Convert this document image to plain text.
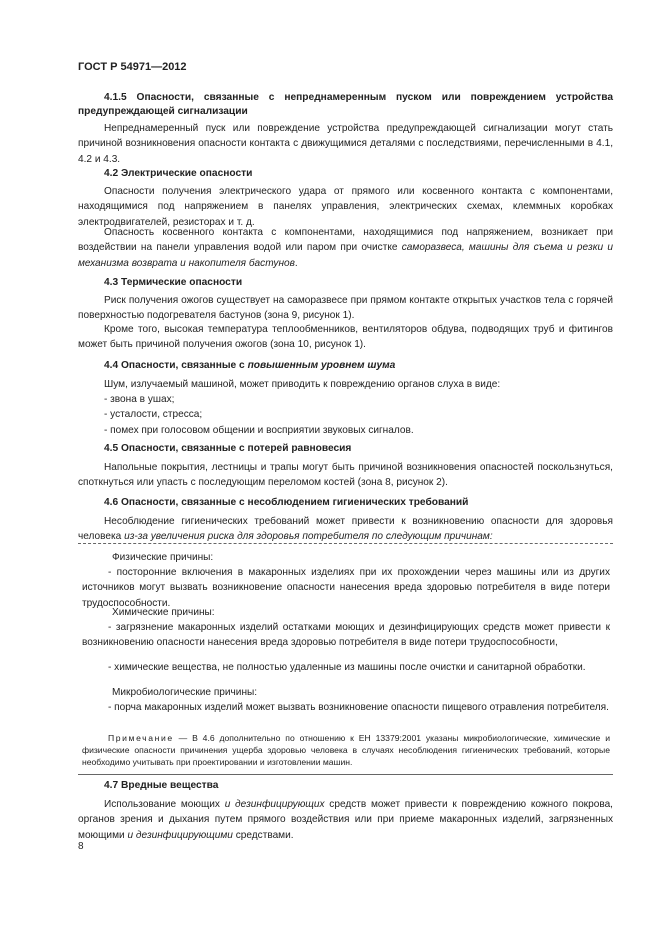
ГОСТ Р 54971—2012
4.1.5 Опасности, связанные с непреднамеренным пуском или повреждением устройства
предупреждающей сигнализации
Непреднамеренный пуск или повреждение устройства предупреждающей сигнализации могут стать причиной возникновения опасности контакта с движущимися деталями с последствиями, перечисленными в 4.1, 4.2 и 4.3.
4.2 Электрические опасности
Опасности получения электрического удара от прямого или косвенного контакта с компонентами, находящимися под напряжением в панелях управления, электрических схемах, клеммных коробках электродвигателей, резисторах и т. д.
Опасность косвенного контакта с компонентами, находящимися под напряжением, возникает при воздействии на панели управления водой или паром при очистке саморазвеса, машины для съема и резки и механизма возврата и накопителя бастунов.
4.3 Термические опасности
Риск получения ожогов существует на саморазвесе при прямом контакте открытых участков тела с горячей поверхностью подогревателя бастунов (зона 9, рисунок 1).
Кроме того, высокая температура теплообменников, вентиляторов обдува, подводящих труб и фитингов может быть причиной получения ожогов (зона 10, рисунок 1).
4.4 Опасности, связанные с повышенным уровнем шума
Шум, излучаемый машиной, может приводить к повреждению органов слуха в виде:
- звона в ушах;
- усталости, стресса;
- помех при голосовом общении и восприятии звуковых сигналов.
4.5 Опасности, связанные с потерей равновесия
Напольные покрытия, лестницы и трапы могут быть причиной возникновения опасностей поскользнуться, споткнуться или упасть с последующим переломом костей (зона 8, рисунок 2).
4.6 Опасности, связанные с несоблюдением гигиенических требований
Несоблюдение гигиенических требований может привести к возникновению опасности для здоровья человека из-за увеличения риска для здоровья потребителя по следующим причинам:
Физические причины:
- посторонние включения в макаронных изделиях при их прохождении через машины или из других источников могут вызвать возникновение опасности нанесения вреда здоровью потребителя в виде потери трудоспособности.
Химические причины:
- загрязнение макаронных изделий остатками моющих и дезинфицирующих средств может привести к возникновению опасности нанесения вреда здоровью потребителя в виде потери трудоспособности,
- химические вещества, не полностью удаленные из машины после очистки и санитарной обработки.
Микробиологические причины:
- порча макаронных изделий может вызвать возникновение опасности пищевого отравления потребителя.
Примечание — В 4.6 дополнительно по отношению к ЕН 13379:2001 указаны микробиологические, химические и физические опасности причинения ущерба здоровью человека в случаях несоблюдения гигиенических требований, которые необходимо учитывать при проектировании и изготовлении машин.
4.7 Вредные вещества
Использование моющих и дезинфицирующих средств может привести к повреждению кожного покрова, органов зрения и дыхания путем прямого воздействия или при приеме макаронных изделий, загрязненных моющими и дезинфицирующими средствами.
8
